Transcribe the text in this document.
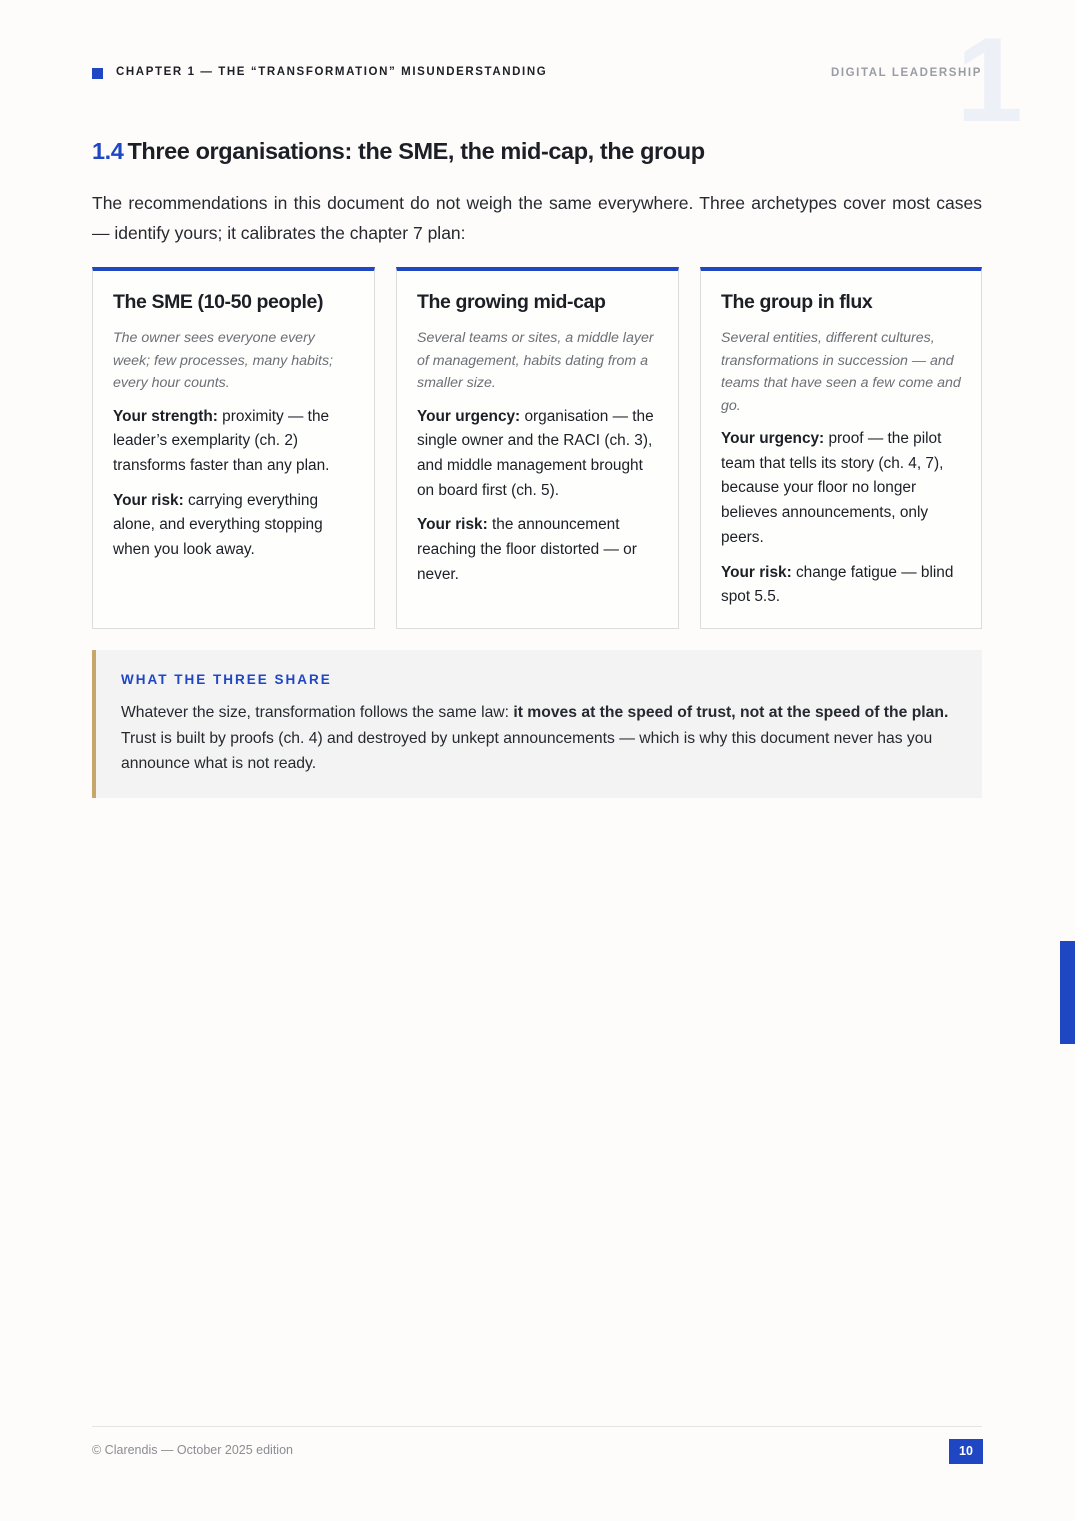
CHAPTER 1 — THE “TRANSFORMATION” MISUNDERSTANDING	DIGITAL LEADERSHIP
1
1.4 Three organisations: the SME, the mid-cap, the group
The recommendations in this document do not weigh the same everywhere. Three archetypes cover most cases — identify yours; it calibrates the chapter 7 plan:
The SME (10-50 people)
The owner sees everyone every week; few processes, many habits; every hour counts.
Your strength: proximity — the leader’s exemplarity (ch. 2) transforms faster than any plan.
Your risk: carrying everything alone, and everything stopping when you look away.
The growing mid-cap
Several teams or sites, a middle layer of management, habits dating from a smaller size.
Your urgency: organisation — the single owner and the RACI (ch. 3), and middle management brought on board first (ch. 5).
Your risk: the announcement reaching the floor distorted — or never.
The group in flux
Several entities, different cultures, transformations in succession — and teams that have seen a few come and go.
Your urgency: proof — the pilot team that tells its story (ch. 4, 7), because your floor no longer believes announcements, only peers.
Your risk: change fatigue — blind spot 5.5.
WHAT THE THREE SHARE
Whatever the size, transformation follows the same law: it moves at the speed of trust, not at the speed of the plan. Trust is built by proofs (ch. 4) and destroyed by unkept announcements — which is why this document never has you announce what is not ready.
© Clarendis — October 2025 edition	10
